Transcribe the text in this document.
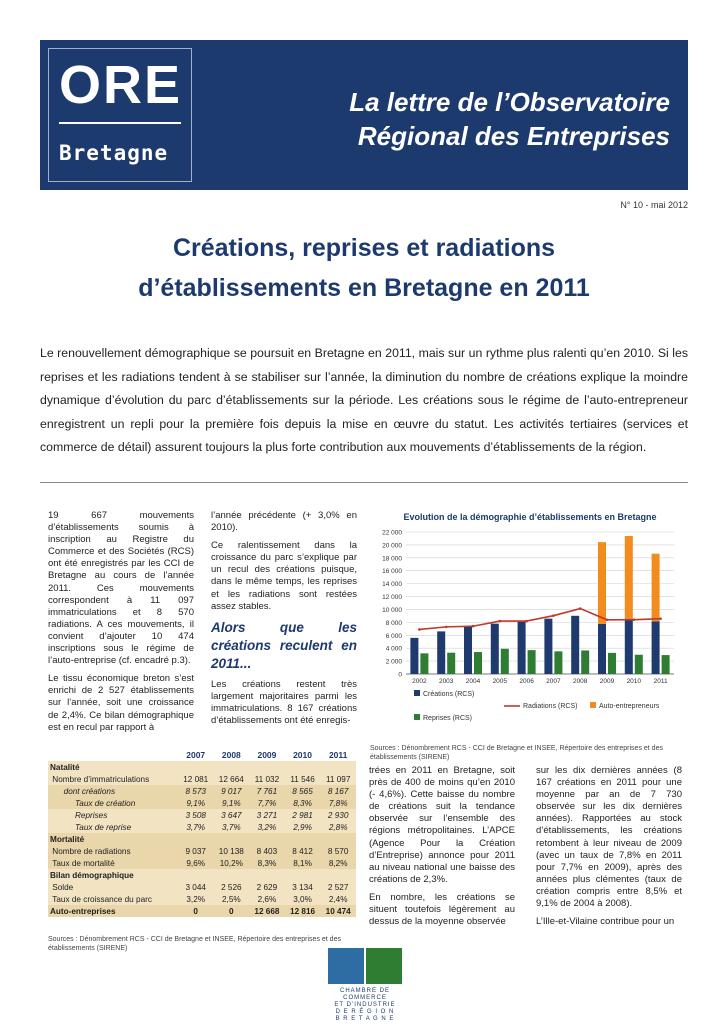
ORE
Bretagne
La lettre de l’Observatoire
Régional des Entreprises
N° 10 - mai 2012
Créations, reprises et radiations
d’établissements en Bretagne en 2011

Le renouvellement démographique se poursuit en Bretagne en 2011, mais sur un rythme plus ralenti qu’en 2010. Si les reprises et les radiations tendent à se stabiliser sur l’année, la diminution du nombre de créations explique la moindre dynamique d’évolution du parc d’établissements sur la période. Les créations sous le régime de l’auto-entrepreneur enregistrent un repli pour la première fois depuis la mise en œuvre du statut. Les activités tertiaires (services et commerce de détail) assurent toujours la plus forte contribution aux mouvements d’établissements de la région.

19 667 mouvements d’établissements soumis à inscription au Registre du Commerce et des Sociétés (RCS) ont été enregistrés par les CCI de Bretagne au cours de l’année 2011. Ces mouvements correspondent à 11 097 immatriculations et 8 570 radiations. A ces mouvements, il convient d’ajouter 10 474 inscriptions sous le régime de l’auto-entreprise (cf. encadré p.3).

Le tissu économique breton s’est enrichi de 2 527 établissements sur l’année, soit une croissance de 2,4%. Ce bilan démographique est en recul par rapport à

l’année précédente (+ 3,0% en 2010).

Ce ralentissement dans la croissance du parc s’explique par un recul des créations puisque, dans le même temps, les reprises et les radiations sont restées assez stables.

Alors que les créations reculent en 2011...

Les créations restent très largement majoritaires parmi les immatriculations. 8 167 créations d’établissements ont été enregis-

trées en 2011 en Bretagne, soit près de 400 de moins qu’en 2010 (- 4,6%). Cette baisse du nombre de créations suit la tendance observée sur l’ensemble des régions métropolitaines. L’APCE (Agence Pour la Création d’Entreprise) annonce pour 2011 au niveau national une baisse des créations de 2,3%.

En nombre, les créations se situent toutefois légèrement au dessus de la moyenne observée

sur les dix dernières années (8 167 créations en 2011 pour une moyenne par an de 7 730 observée sur les dix dernières années). Rapportées au stock d’établissements, les créations retombent à leur niveau de 2009 (avec un taux de 7,8% en 2011 pour 7,7% en 2009), après des années plus clémentes (taux de création compris entre 8,5% et 9,1% de 2004 à 2008).

L’Ille-et-Vilaine contribue pour un

Evolution de la démographie d’établissements en Bretagne
0
2 000
4 000
6 000
8 000
10 000
12 000
14 000
16 000
18 000
20 000
22 000
2002 2003 2004 2005 2006 2007 2008 2009 2010 2011
Créations (RCS)
Radiations (RCS)	Auto-entrepreneurs
Reprises (RCS)
Sources : Dénombrement RCS - CCI de Bretagne et INSEE, Répertoire des entreprises et des établissements (SIRENE)
	2007	2008	2009	2010	2011
Natalité					
Nombre d’immatriculations	12 081	12 664	11 032	11 546	11 097
dont créations	8 573	9 017	7 761	8 565	8 167
Taux de création	9,1%	9,1%	7,7%	8,3%	7,8%
Reprises	3 508	3 647	3 271	2 981	2 930
Taux de reprise	3,7%	3,7%	3,2%	2,9%	2,8%
Mortalité					
Nombre de radiations	9 037	10 138	8 403	8 412	8 570
Taux de mortalité	9,6%	10,2%	8,3%	8,1%	8,2%
Bilan démographique					
Solde	3 044	2 526	2 629	3 134	2 527
Taux de croissance du parc	3,2%	2,5%	2,6%	3,0%	2,4%
Auto-entreprises	0	0	12 668	12 816	10 474
Sources : Dénombrement RCS - CCI de Bretagne et INSEE, Répertoire des entreprises et des établissements (SIRENE)
CHAMBRE DE COMMERCE
ET D’INDUSTRIE
D E R É G I O N
B R E T A G N E
